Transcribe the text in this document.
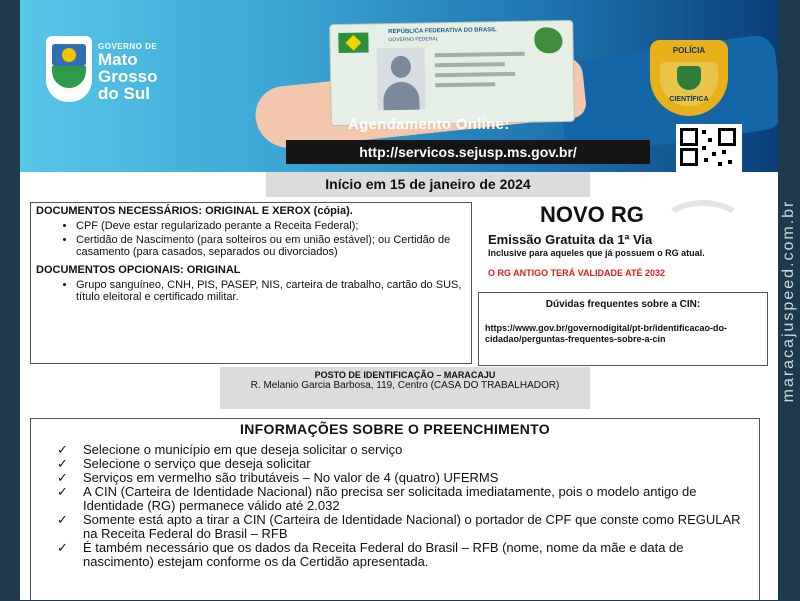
GOVERNO DE
Mato
Grosso
do Sul
REPÚBLICA FEDERATIVA DO BRASIL
GOVERNO FEDERAL
POLÍCIA
CIENTÍFICA
Agendamento Online:
http://servicos.sejusp.ms.gov.br/
Início em 15 de janeiro de 2024
DOCUMENTOS NECESSÁRIOS: ORIGINAL E XEROX (cópia).
• CPF (Deve estar regularizado perante a Receita Federal);
• Certidão de Nascimento (para solteiros ou em união estável); ou Certidão de casamento (para casados, separados ou divorciados)
DOCUMENTOS OPCIONAIS: ORIGINAL
• Grupo sanguíneo, CNH, PIS, PASEP, NIS, carteira de trabalho, cartão do SUS, título eleitoral e certificado militar.
NOVO RG
Emissão Gratuita da 1ª Via
Inclusive para aqueles que já possuem o RG atual.
O RG ANTIGO TERÁ VALIDADE ATÉ 2032
Dúvidas frequentes sobre a CIN:
https://www.gov.br/governodigital/pt-br/identificacao-do-cidadao/perguntas-frequentes-sobre-a-cin
POSTO DE IDENTIFICAÇÃO – MARACAJU
R. Melanio Garcia Barbosa, 119, Centro (CASA DO TRABALHADOR)
INFORMAÇÕES SOBRE O PREENCHIMENTO
✓ Selecione o município em que deseja solicitar o serviço
✓ Selecione o serviço que deseja solicitar
✓ Serviços em vermelho são tributáveis – No valor de 4 (quatro) UFERMS
✓ A CIN (Carteira de Identidade Nacional) não precisa ser solicitada imediatamente, pois o modelo antigo de Identidade (RG) permanece válido até 2.032
✓ Somente está apto a tirar a CIN (Carteira de Identidade Nacional) o portador de CPF que conste como REGULAR na Receita Federal do Brasil – RFB
✓ É também necessário que os dados da Receita Federal do Brasil – RFB (nome, nome da mãe e data de nascimento) estejam conforme os da Certidão apresentada.
maracajuspeed.com.br
